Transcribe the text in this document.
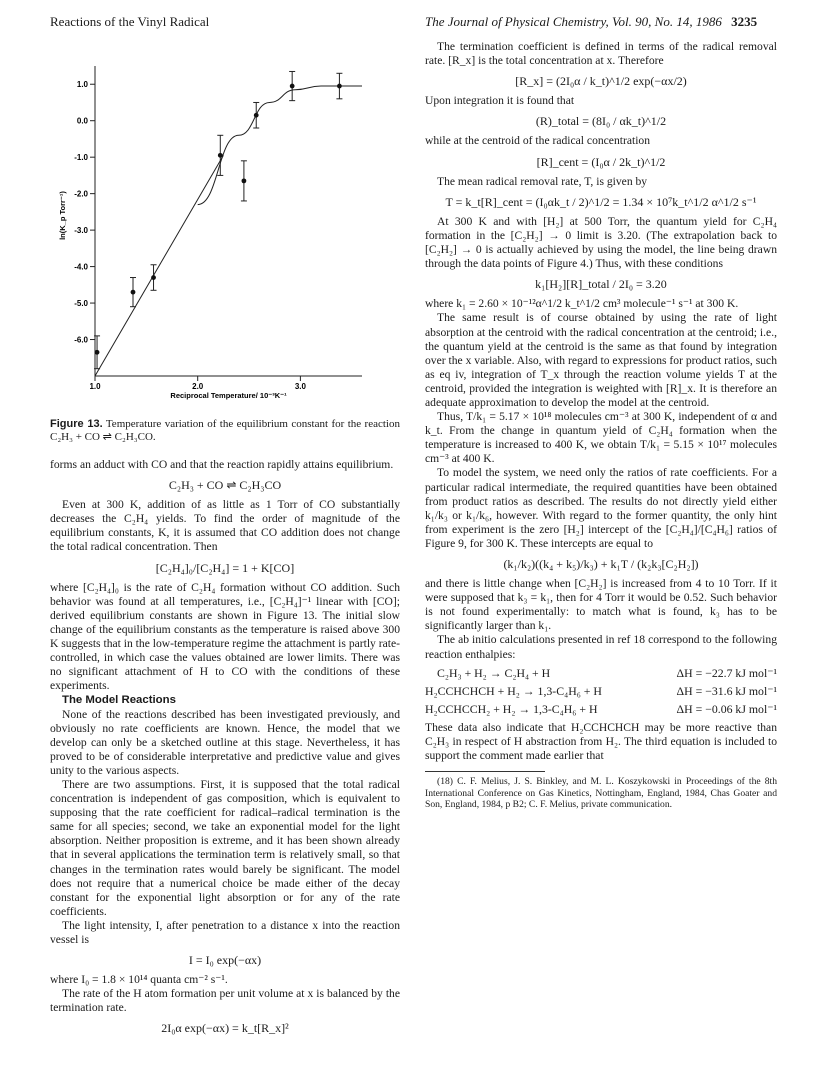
Reactions of the Vinyl Radical	The Journal of Physical Chemistry, Vol. 90, No. 14, 1986 3235
1.0
0.0
-1.0
-2.0
-3.0
-4.0
-5.0
-6.0
1.0	2.0	3.0
Reciprocal Temperature/ 10⁻³K⁻¹
ln(K_p Torr⁻¹)
Figure 13. Temperature variation of the equilibrium constant for the reaction C₂H₃ + CO ⇌ C₂H₃CO.

forms an adduct with CO and that the reaction rapidly attains equilibrium.

C₂H₃ + CO ⇌ C₂H₃CO

Even at 300 K, addition of as little as 1 Torr of CO substantially decreases the C₂H₄ yields. To find the order of magnitude of the equilibrium constants, K, it is assumed that CO addition does not change the total radical concentration. Then

[C₂H₄]₀/[C₂H₄] = 1 + K[CO]

where [C₂H₄]₀ is the rate of C₂H₄ formation without CO addition. Such behavior was found at all temperatures, i.e., [C₂H₄]⁻¹ linear with [CO]; derived equilibrium constants are shown in Figure 13. The initial slow change of the equilibrium constants as the temperature is raised above 300 K suggests that in the low-temperature regime the attachment is partly rate-controlled, in which case the values obtained are lower limits. There was no significant attachment of H to CO with the conditions of these experiments.

The Model Reactions

None of the reactions described has been investigated previously, and obviously no rate coefficients are known. Hence, the model that we develop can only be a sketched outline at this stage. Nevertheless, it has proved to be of considerable interpretative and predictive value and gives unity to the various aspects.

There are two assumptions. First, it is supposed that the total radical concentration is independent of gas composition, which is equivalent to supposing that the rate coefficient for radical–radical termination is the same for all species; second, we take an exponential model for the light absorption. Neither proposition is extreme, and it has been shown already that in several applications the termination term is relatively small, so that changes in the termination rates would barely be significant. The model does not require that a numerical choice be made either of the decay constant for the exponential light absorption or for any of the rate coefficients.

The light intensity, I, after penetration to a distance x into the reaction vessel is

I = I₀ exp(−αx)

where I₀ = 1.8 × 10¹⁴ quanta cm⁻² s⁻¹.

The rate of the H atom formation per unit volume at x is balanced by the termination rate.

2I₀α exp(−αx) = k_t[R_x]²

The termination coefficient is defined in terms of the radical removal rate. [R_x] is the total concentration at x. Therefore

[R_x] = (2I₀α / k_t)^1/2 exp(−αx/2)

Upon integration it is found that

(R)_total = (8I₀ / αk_t)^1/2

while at the centroid of the radical concentration

[R]_cent = (I₀α / 2k_t)^1/2

The mean radical removal rate, T, is given by

T = k_t[R]_cent = (I₀αk_t / 2)^1/2 = 1.34 × 10⁷k_t^1/2 α^1/2 s⁻¹

At 300 K and with [H₂] at 500 Torr, the quantum yield for C₂H₄ formation in the [C₂H₂] → 0 limit is 3.20. (The extrapolation back to [C₂H₂] → 0 is actually achieved by using the model, the line being drawn through the data points of Figure 4.) Thus, with these conditions

k₁[H₂][R]_total / 2I₀ = 3.20

where k₁ = 2.60 × 10⁻¹²α^1/2 k_t^1/2 cm³ molecule⁻¹ s⁻¹ at 300 K.

The same result is of course obtained by using the rate of light absorption at the centroid with the radical concentration at the centroid; i.e., the quantum yield at the centroid is the same as that found by integration over the x variable. Also, with regard to expressions for product ratios, such as eq iv, integration of T_x through the reaction volume yields T at the centroid, provided the integration is weighted with [R]_x. It is therefore an adequate approximation to develop the model at the centroid.

Thus, T/k₁ = 5.17 × 10¹⁸ molecules cm⁻³ at 300 K, independent of α and k_t. From the change in quantum yield of C₂H₄ formation when the temperature is increased to 400 K, we obtain T/k₁ = 5.15 × 10¹⁷ molecules cm⁻³ at 400 K.

To model the system, we need only the ratios of rate coefficients. For a particular radical intermediate, the required quantities have been obtained from product ratios as described. The results do not directly yield either k₁/k₃ or k₁/k₆, however. With regard to the former quantity, the only hint from experiment is the zero [H₂] intercept of the [C₂H₄]/[C₄H₆] ratios of Figure 9, for 300 K. These intercepts are equal to

(k₁/k₂)((k₄ + k₅)/k₃) + k₁T / (k₂k₃[C₂H₂])

and there is little change when [C₂H₂] is increased from 4 to 10 Torr. If it were supposed that k₃ = k₁, then for 4 Torr it would be 0.52. Such behavior is not found experimentally: to match what is found, k₃ has to be significantly larger than k₁.

The ab initio calculations presented in ref 18 correspond to the following reaction enthalpies:

C₂H₃ + H₂ → C₂H₄ + H	ΔH = −22.7 kJ mol⁻¹
H₂CCHCHCH + H₂ → 1,3-C₄H₆ + H	ΔH = −31.6 kJ mol⁻¹
H₂CCHCCH₂ + H₂ → 1,3-C₄H₆ + H	ΔH = −0.06 kJ mol⁻¹

These data also indicate that H₂CCHCHCH may be more reactive than C₂H₃ in respect of H abstraction from H₂. The third equation is included to support the comment made earlier that

(18) C. F. Melius, J. S. Binkley, and M. L. Koszykowski in Proceedings of the 8th International Conference on Gas Kinetics, Nottingham, England, 1984, Chas Goater and Son, England, 1984, p B2; C. F. Melius, private communication.
